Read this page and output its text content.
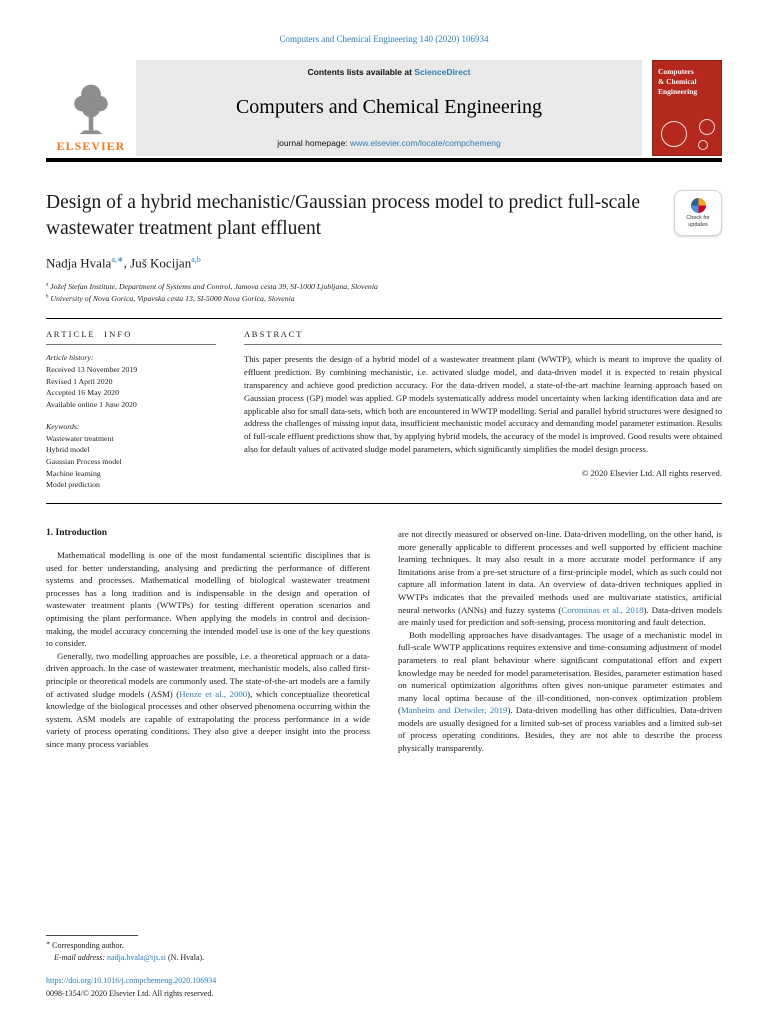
Computers and Chemical Engineering 140 (2020) 106934
ELSEVIER
Contents lists available at ScienceDirect
Computers and Chemical Engineering
journal homepage: www.elsevier.com/locate/compchemeng
Computers
& Chemical
Engineering
Design of a hybrid mechanistic/Gaussian process model to predict full-scale wastewater treatment plant effluent
Check for
updates
Nadja Hvala$^{a,∗}$, Juš Kocijan$^{a,b}$
$^a$ Jožef Stefan Institute, Department of Systems and Control, Jamova cesta 39, SI-1000 Ljubljana, Slovenia
$^b$ University of Nova Gorica, Vipavska cesta 13, SI-5000 Nova Gorica, Slovenia
A R T I C L E     I N F O
Article history:
Received 13 November 2019
Revised 1 April 2020
Accepted 16 May 2020
Available online 1 June 2020
Keywords:
Wastewater treatment
Hybrid model
Gaussian Process model
Machine learning
Model prediction
A B S T R A C T

This paper presents the design of a hybrid model of a wastewater treatment plant (WWTP), which is meant to improve the quality of effluent prediction. By combining mechanistic, i.e. activated sludge model, and data-driven model it is expected to retain physical transparency and achieve good prediction accuracy. For the data-driven model, a state-of-the-art machine learning approach based on Gaussian process (GP) model was applied. GP models systematically address model uncertainty when lacking identification data and are applicable also for small data-sets, which both are encountered in WWTP modelling. Serial and parallel hybrid structures were designed to address the challenges of missing input data, insufficient mechanistic model accuracy and demanding model parameter estimation. Results of full-scale effluent predictions show that, by applying hybrid models, the accuracy of the model is improved. Good results were obtained also for default values of activated sludge model parameters, which significantly simplifies the model design process.

© 2020 Elsevier Ltd. All rights reserved.
1. Introduction

Mathematical modelling is one of the most fundamental scientific disciplines that is used for better understanding, analysing and predicting the performance of different systems and processes. Mathematical modelling of biological wastewater treatment processes has a long tradition and is indispensable in the design and operation of wastewater treatment plants (WWTPs) for testing different operation scenarios and optimising the plant performance. When applying the models in control and decision-making, the model accuracy concerning the intended model use is one of the key questions to consider.

Generally, two modelling approaches are possible, i.e. a theoretical approach or a data-driven approach. In the case of wastewater treatment, mechanistic models, also called first-principle or theoretical models are commonly used. The state-of-the-art models are a family of activated sludge models (ASM) (Henze et al., 2000), which conceptualize theoretical knowledge of the biological processes and other observed phenomena occurring within the system. ASM models are capable of extrapolating the process performance in a wide variety of process operating conditions. They also give a deeper insight into the process since many process variables

are not directly measured or observed on-line. Data-driven modelling, on the other hand, is more generally applicable to different processes and well supported by efficient machine learning techniques. It may also result in a more accurate model performance if any limitations arise from a pre-set structure of a first-principle model, which as such could not capture all information latent in data. An overview of data-driven techniques applied in WWTPs indicates that the prevailed methods used are multivariate statistics, artificial neural networks (ANNs) and fuzzy systems (Corominas et al., 2018). Data-driven models are mainly used for prediction and soft-sensing, process monitoring and fault detection.

Both modelling approaches have disadvantages. The usage of a mechanistic model in full-scale WWTP applications requires extensive and time-consuming adjustment of model parameters to real plant behaviour where significant computational effort and expert knowledge may be needed for model parameterisation. Besides, parameter estimation based on numerical optimization algorithms often gives non-unique parameter estimates and many local optima because of the ill-conditioned, non-convex optimization problem (Manheim and Detwiler, 2019). Data-driven modelling has other difficulties. Data-driven models are usually designed for a limited sub-set of process variables and a limited sub-set of process operating conditions. Besides, they are not able to describe the process physically transparently.

∗ Corresponding author.
E-mail address: nadja.hvala@ijs.si (N. Hvala).
https://doi.org/10.1016/j.compchemeng.2020.106934
0098-1354/© 2020 Elsevier Ltd. All rights reserved.
